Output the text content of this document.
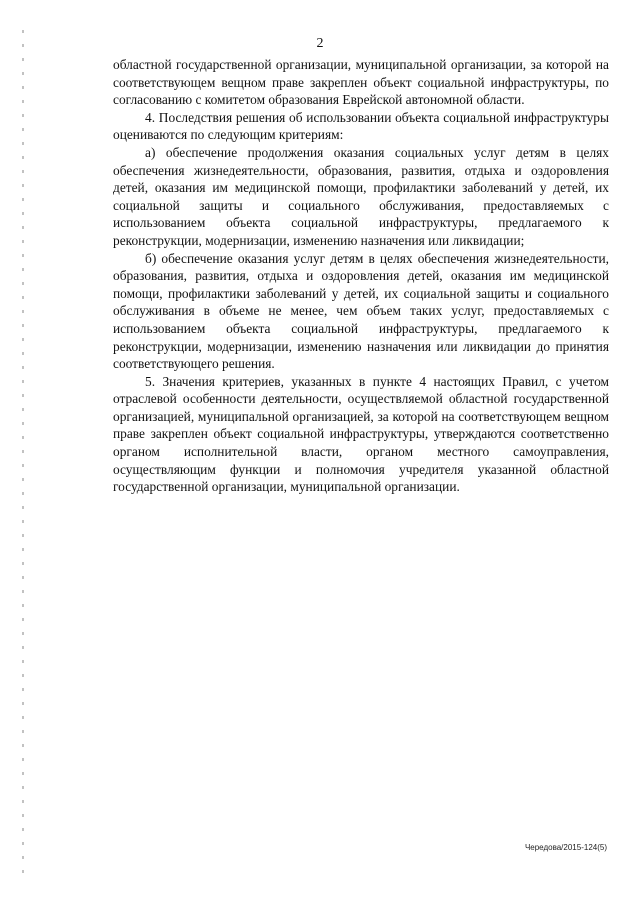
2

областной государственной организации, муниципальной организации, за которой на соответствующем вещном праве закреплен объект социальной инфраструктуры, по согласованию с комитетом образования Еврейской автономной области.

4. Последствия решения об использовании объекта социальной инфраструктуры оцениваются по следующим критериям:

а) обеспечение продолжения оказания социальных услуг детям в целях обеспечения жизнедеятельности, образования, развития, отдыха и оздоровления детей, оказания им медицинской помощи, профилактики заболеваний у детей, их социальной защиты и социального обслуживания, предоставляемых с использованием объекта социальной инфраструктуры, предлагаемого к реконструкции, модернизации, изменению назначения или ликвидации;

б) обеспечение оказания услуг детям в целях обеспечения жизнедеятельности, образования, развития, отдыха и оздоровления детей, оказания им медицинской помощи, профилактики заболеваний у детей, их социальной защиты и социального обслуживания в объеме не менее, чем объем таких услуг, предоставляемых с использованием объекта социальной инфраструктуры, предлагаемого к реконструкции, модернизации, изменению назначения или ликвидации до принятия соответствующего решения.

5. Значения критериев, указанных в пункте 4 настоящих Правил, с учетом отраслевой особенности деятельности, осуществляемой областной государственной организацией, муниципальной организацией, за которой на соответствующем вещном праве закреплен объект социальной инфраструктуры, утверждаются соответственно органом исполнительной власти, органом местного самоуправления, осуществляющим функции и полномочия учредителя указанной областной государственной организации, муниципальной организации.

Чередова/2015-124(5)
